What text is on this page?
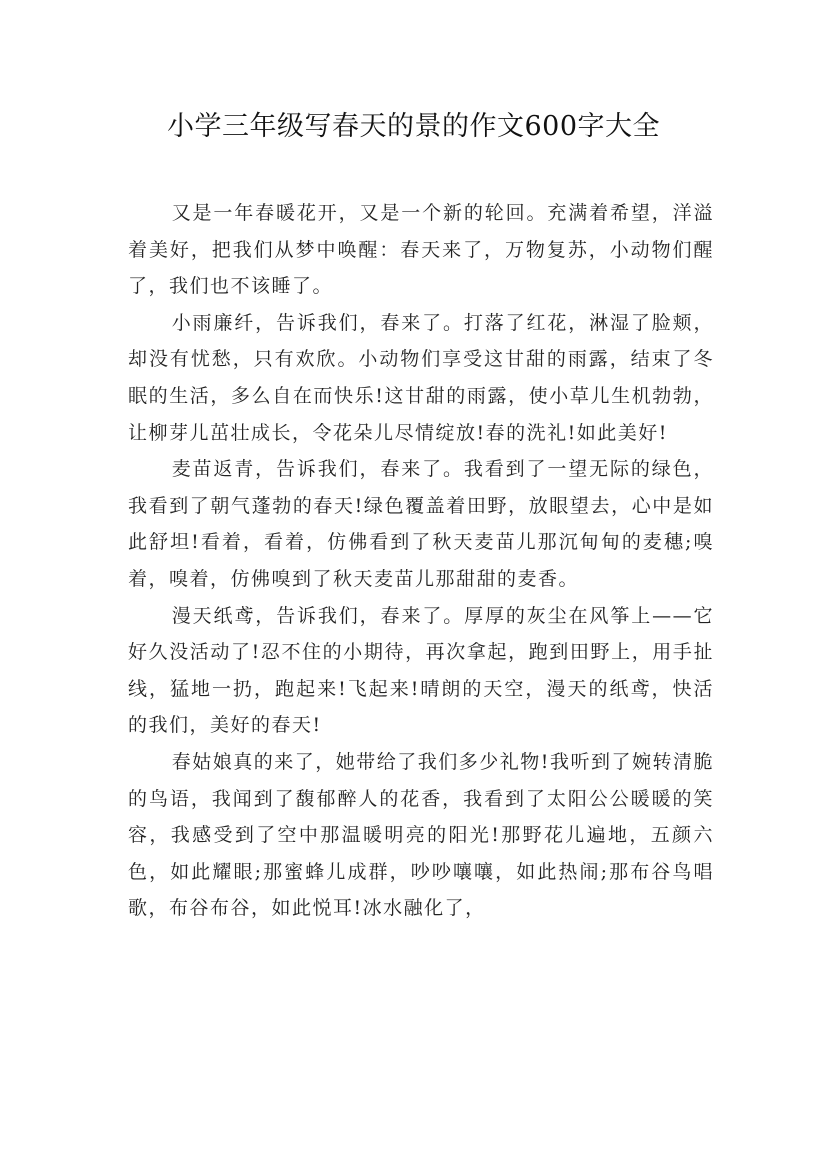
小学三年级写春天的景的作文600字大全

又是一年春暖花开，又是一个新的轮回。充满着希望，洋溢着美好，把我们从梦中唤醒：春天来了，万物复苏，小动物们醒了，我们也不该睡了。

小雨廉纤，告诉我们，春来了。打落了红花，淋湿了脸颊，却没有忧愁，只有欢欣。小动物们享受这甘甜的雨露，结束了冬眠的生活，多么自在而快乐!这甘甜的雨露，使小草儿生机勃勃，让柳芽儿茁壮成长，令花朵儿尽情绽放!春的洗礼!如此美好!

麦苗返青，告诉我们，春来了。我看到了一望无际的绿色，我看到了朝气蓬勃的春天!绿色覆盖着田野，放眼望去，心中是如此舒坦!看着，看着，仿佛看到了秋天麦苗儿那沉甸甸的麦穗;嗅着，嗅着，仿佛嗅到了秋天麦苗儿那甜甜的麦香。

漫天纸鸢，告诉我们，春来了。厚厚的灰尘在风筝上——它好久没活动了!忍不住的小期待，再次拿起，跑到田野上，用手扯线，猛地一扔，跑起来!飞起来!晴朗的天空，漫天的纸鸢，快活的我们，美好的春天!

春姑娘真的来了，她带给了我们多少礼物!我听到了婉转清脆的鸟语，我闻到了馥郁醉人的花香，我看到了太阳公公暖暖的笑容，我感受到了空中那温暖明亮的阳光!那野花儿遍地，五颜六色，如此耀眼;那蜜蜂儿成群，吵吵嚷嚷，如此热闹;那布谷鸟唱歌，布谷布谷，如此悦耳!冰水融化了，
